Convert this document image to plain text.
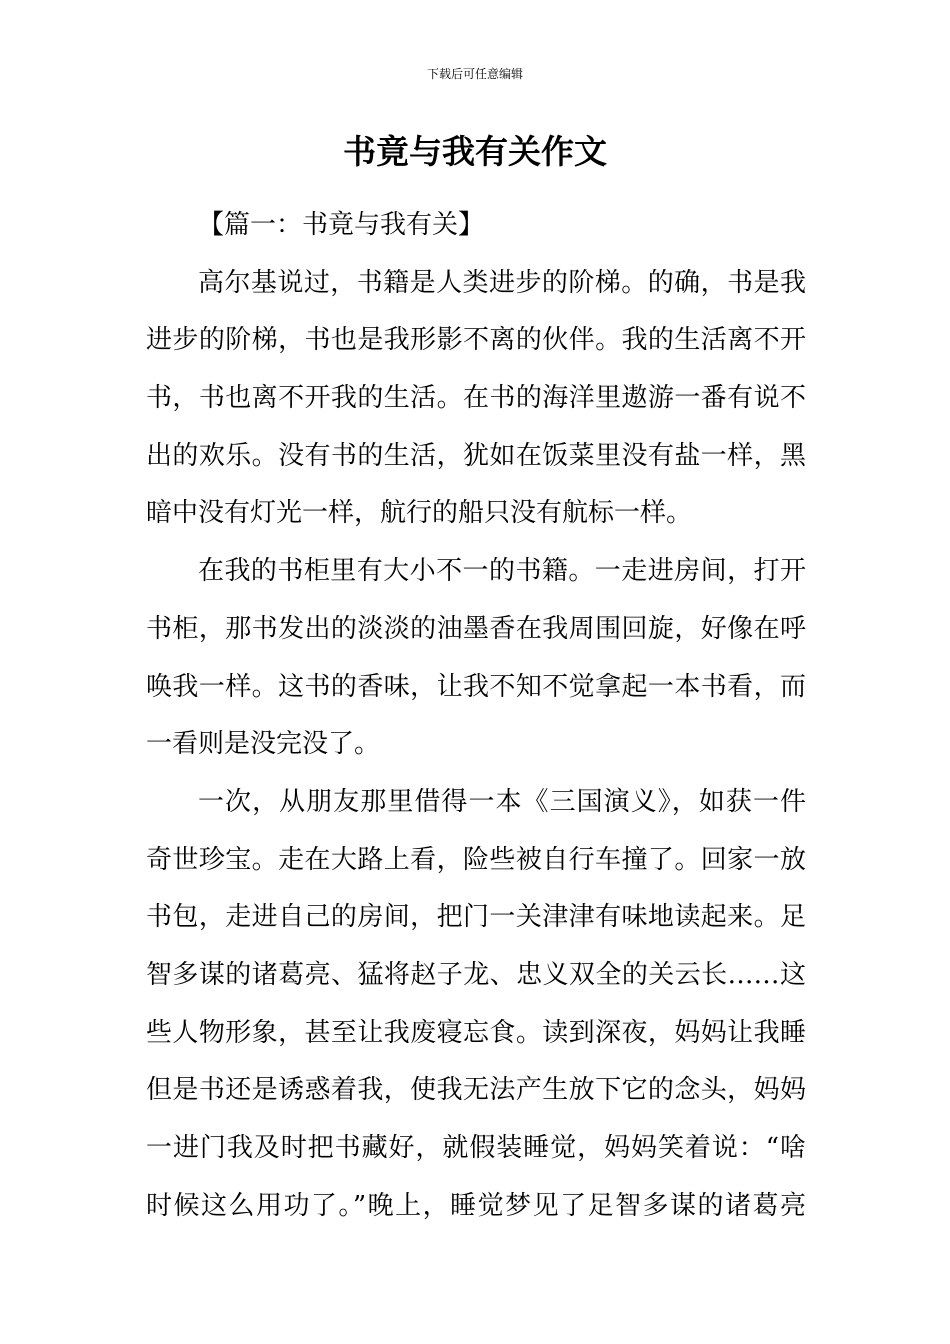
下载后可任意编辑
书竟与我有关作文
【篇一：书竟与我有关】
高尔基说过，书籍是人类进步的阶梯。的确，书是我
进步的阶梯，书也是我形影不离的伙伴。我的生活离不开
书，书也离不开我的生活。在书的海洋里遨游一番有说不
出的欢乐。没有书的生活，犹如在饭菜里没有盐一样，黑
暗中没有灯光一样，航行的船只没有航标一样。
在我的书柜里有大小不一的书籍。一走进房间，打开
书柜，那书发出的淡淡的油墨香在我周围回旋，好像在呼
唤我一样。这书的香味，让我不知不觉拿起一本书看，而
一看则是没完没了。
一次，从朋友那里借得一本《三国演义》，如获一件
奇世珍宝。走在大路上看，险些被自行车撞了。回家一放
书包，走进自己的房间，把门一关津津有味地读起来。足
智多谋的诸葛亮、猛将赵子龙、忠义双全的关云长……这
些人物形象，甚至让我废寝忘食。读到深夜，妈妈让我睡
但是书还是诱惑着我，使我无法产生放下它的念头，妈妈
一进门我及时把书藏好，就假装睡觉，妈妈笑着说：“啥
时候这么用功了。”晚上，睡觉梦见了足智多谋的诸葛亮
